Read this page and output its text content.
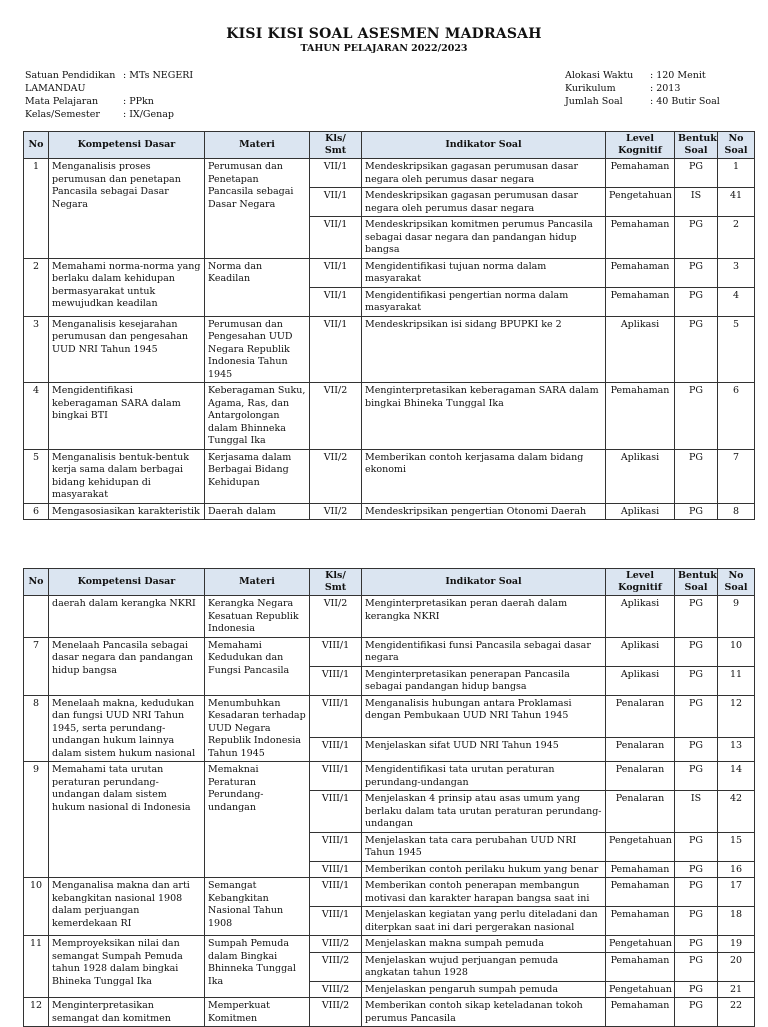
KISI KISI SOAL ASESMEN MADRASAH
TAHUN PELAJARAN 2022/2023
Satuan Pendidikan : MTs NEGERI
LAMANDAU
Mata Pelajaran	: PPkn
Kelas/Semester	: IX/Genap
Alokasi Waktu	: 120 Menit
Kurikulum	: 2013
Jumlah Soal	: 40 Butir Soal
No	Kompetensi Dasar	Materi	Kls/ Smt	Indikator Soal	Level Kognitif	Bentuk Soal	No Soal
1	Menganalisis proses perumusan dan penetapan Pancasila sebagai Dasar Negara	Perumusan dan Penetapan Pancasila sebagai Dasar Negara	VII/1	Mendeskripsikan gagasan perumusan dasar negara oleh perumus dasar negara	Pemahaman	PG	1
			VII/1	Mendeskripsikan gagasan perumusan dasar negara oleh perumus dasar negara	Pengetahuan	IS	41
			VII/1	Mendeskripsikan komitmen perumus Pancasila sebagai dasar negara dan pandangan hidup bangsa	Pemahaman	PG	2
2	Memahami norma-norma yang berlaku dalam kehidupan bermasyarakat untuk mewujudkan keadilan	Norma dan Keadilan	VII/1	Mengidentifikasi tujuan norma dalam masyarakat	Pemahaman	PG	3
			VII/1	Mengidentifikasi pengertian norma dalam masyarakat	Pemahaman	PG	4
3	Menganalisis kesejarahan perumusan dan pengesahan UUD NRI Tahun 1945	Perumusan dan Pengesahan UUD Negara Republik Indonesia Tahun 1945	VII/1	Mendeskripsikan isi sidang BPUPKI ke 2	Aplikasi	PG	5
4	Mengidentifikasi keberagaman SARA dalam bingkai BTI	Keberagaman Suku, Agama, Ras, dan Antargolongan dalam Bhinneka Tunggal Ika	VII/2	Menginterpretasikan keberagaman SARA dalam bingkai Bhineka Tunggal Ika	Pemahaman	PG	6
5	Menganalisis bentuk-bentuk kerja sama dalam berbagai bidang kehidupan di masyarakat	Kerjasama dalam Berbagai Bidang Kehidupan	VII/2	Memberikan contoh kerjasama dalam bidang ekonomi	Aplikasi	PG	7
6	Mengasosiasikan karakteristik	Daerah dalam	VII/2	Mendeskripsikan pengertian Otonomi Daerah	Aplikasi	PG	8
No	Kompetensi Dasar	Materi	Kls/ Smt	Indikator Soal	Level Kognitif	Bentuk Soal	No Soal
	daerah dalam kerangka NKRI	Kerangka Negara Kesatuan Republik Indonesia	VII/2	Menginterpretasikan peran daerah dalam kerangka NKRI	Aplikasi	PG	9
7	Menelaah Pancasila sebagai dasar negara dan pandangan hidup bangsa	Memahami Kedudukan dan Fungsi Pancasila	VIII/1	Mengidentifikasi funsi Pancasila sebagai dasar negara	Aplikasi	PG	10
			VIII/1	Menginterpretasikan penerapan Pancasila sebagai pandangan hidup bangsa	Aplikasi	PG	11
8	Menelaah makna, kedudukan dan fungsi UUD NRI Tahun 1945, serta perundang-undangan hukum lainnya dalam sistem hukum nasional	Menumbuhkan Kesadaran terhadap UUD Negara Republik Indonesia Tahun 1945	VIII/1	Menganalisis hubungan antara Proklamasi dengan Pembukaan UUD NRI Tahun 1945	Penalaran	PG	12
			VIII/1	Menjelaskan sifat UUD NRI Tahun 1945	Penalaran	PG	13
9	Memahami tata urutan peraturan perundang-undangan dalam sistem hukum nasional di Indonesia	Memaknai Peraturan Perundang-undangan	VIII/1	Mengidentifikasi tata urutan peraturan perundang-undangan	Penalaran	PG	14
			VIII/1	Menjelaskan 4 prinsip atau asas umum yang berlaku dalam tata urutan peraturan perundang-undangan	Penalaran	IS	42
			VIII/1	Menjelaskan tata cara perubahan UUD NRI Tahun 1945	Pengetahuan	PG	15
			VIII/1	Memberikan contoh perilaku hukum yang benar	Pemahaman	PG	16
10	Menganalisa makna dan arti kebangkitan nasional 1908 dalam perjuangan kemerdekaan RI	Semangat Kebangkitan Nasional Tahun 1908	VIII/1	Memberikan contoh penerapan membangun motivasi dan karakter harapan bangsa saat ini	Pemahaman	PG	17
			VIII/1	Menjelaskan kegiatan yang perlu diteladani dan diterpkan saat ini dari pergerakan nasional	Pemahaman	PG	18
11	Memproyeksikan nilai dan semangat Sumpah Pemuda tahun 1928 dalam bingkai Bhineka Tunggal Ika	Sumpah Pemuda dalam Bingkai Bhinneka Tunggal Ika	VIII/2	Menjelaskan makna sumpah pemuda	Pengetahuan	PG	19
			VIII/2	Menjelaskan wujud perjuangan pemuda angkatan tahun 1928	Pemahaman	PG	20
			VIII/2	Menjelaskan pengaruh sumpah pemuda	Pengetahuan	PG	21
12	Menginterpretasikan semangat dan komitmen	Memperkuat Komitmen	VIII/2	Memberikan contoh sikap keteladanan tokoh perumus Pancasila	Pemahaman	PG	22
